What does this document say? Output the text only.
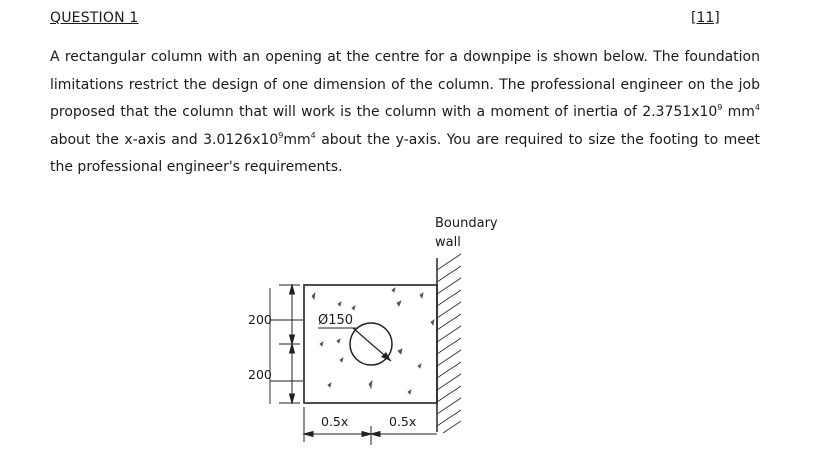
QUESTION 1	[11]
A rectangular column with an opening at the centre for a downpipe is shown below. The foundation limitations restrict the design of one dimension of the column. The professional engineer on the job proposed that the column that will work is the column with a moment of inertia of $2.3751x10^9$ $mm^4$ about the x-axis and $3.0126x10^9mm^4$ about the y-axis. You are required to size the footing to meet the professional engineer's requirements.
Boundary
wall
Ø150
200
200
0.5x	0.5x
